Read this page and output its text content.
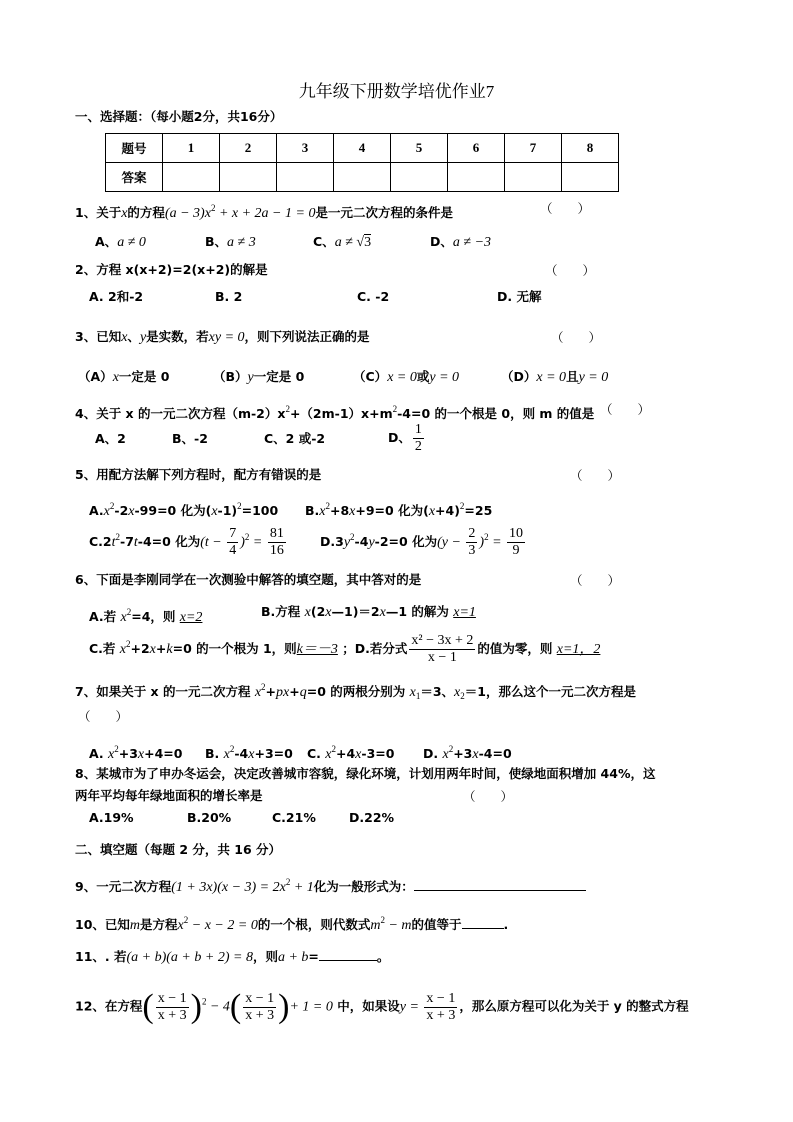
九年级下册数学培优作业7
一、选择题：（每小题2分，共16分）
题号	1	2	3	4	5	6	7	8
答案								
1、关于x的方程$(a - 3)x^2 + x + 2a - 1 = 0$是一元二次方程的条件是	（　　）
A、a ≠ 0	B、a ≠ 3	C、a ≠ √3	D、a ≠ −3
2、方程 x(x+2)=2(x+2)的解是	（　　）
A. 2和-2	B. 2	C. -2	D. 无解
3、已知x、y是实数，若xy = 0，则下列说法正确的是	（　　）
（A）x一定是 0	（B）y一定是 0	（C）x = 0或y = 0	（D）x = 0且y = 0
4、关于 x 的一元二次方程$(m-2)x^2+(2m-1)x+m^2-4=0$ 的一个根是 0，则 m 的值是 （　　）
A、2	B、-2	C、2 或-2	D、 $\frac{1}{2}$
5、用配方法解下列方程时，配方有错误的是	（　　）
$A.x^2-2x-99=0$ 化为$(x-1)^2=100$ $B.x^2+8x+9=0$ 化为$(x+4)^2=25$
$C.2t^2-7t-4=0$ 化为$(t - \frac{7}{4} )^2 = \frac{81}{16}$	$D.3y^2-4y-2=0$ 化为$(y - \frac{2}{3} )^2 = \frac{10}{9}$
6、下面是李刚同学在一次测验中解答的填空题，其中答对的是	（　　）
A.若 $x^2=4$，则 x=2	B.方程 x(2x—1)＝2x—1 的解为 x=1
C.若 $x^2+2x+k=0$ 的一个根为 1，则k＝－3 ；D.若分式 $\frac{\text{x² − 3x + 2}}{x - 1}$ 的值为零，则 x=1，2
7、如果关于 x 的一元二次方程 $x^2+px+q=0$ 的两根分别为 $x_1=3$、$x_2=1$，那么这个一元二次方程是
（　　）
A. $x^2+3x+4=0$ B. $x^2-4x+3=0$ C. $x^2+4x-3=0$ D. $x^2+3x-4=0$
8、某城市为了申办冬运会，决定改善城市容貌，绿化环境，计划用两年时间，使绿地面积增加 44%，这
两年平均每年绿地面积的增长率是	（　　）
A.19%	B.20%	C.21%	D.22%
二、填空题（每题 2 分，共 16 分）
9、一元二次方程$(1 + 3x)(x - 3) = 2x^2 + 1$化为一般形式为：
10、已知m是方程$x^2 - x - 2 = 0$的一个根，则代数式$m^2 - m$的值等于	.
11、. 若(a + b)(a + b + 2) = 8，则a + b=	。
12、在方程( $\frac{x - 1}{x + 3} )^2 - 4( \frac{x - 1}{x + 3}$ )+ 1 = 0 中，如果设$y = \frac{x - 1}{x + 3}$ ，那么原方程可以化为关于 y 的整式方程
